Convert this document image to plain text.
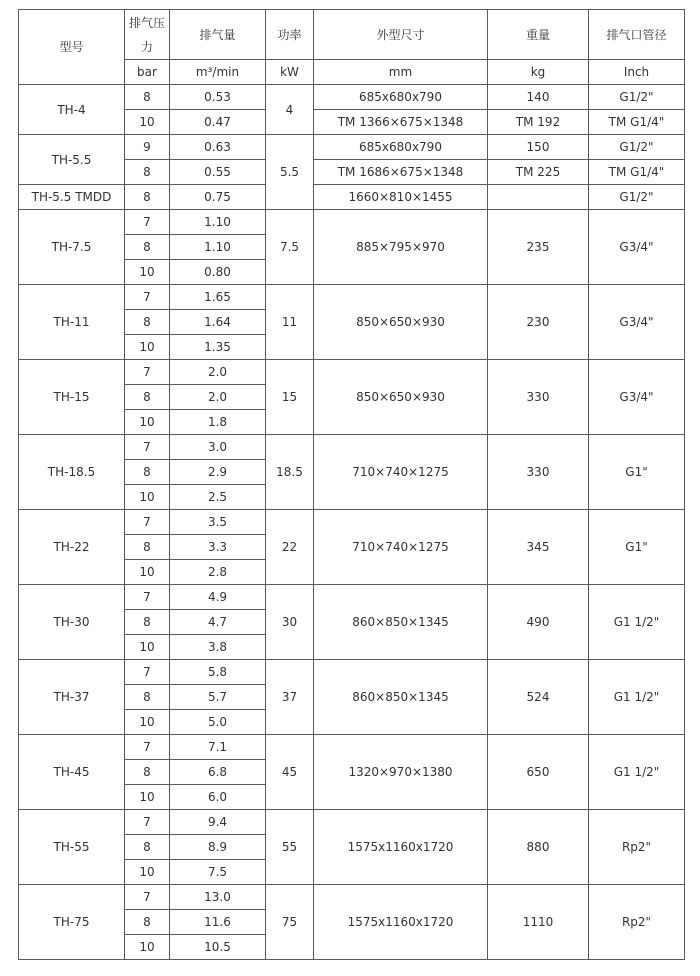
型号	排气压力	排气量	功率	外型尺寸	重量	排气口管径
	bar	m³/min	kW	mm	kg	Inch
TH-4	8	0.53	4	685x680x790	140	G1/2"
	10	0.47		TM 1366×675×1348	TM 192	TM G1/4"
TH-5.5	9	0.63	5.5	685x680x790	150	G1/2"
	8	0.55		TM 1686×675×1348	TM 225	TM G1/4"
TH-5.5 TMDD	8	0.75		1660×810×1455		G1/2"
TH-7.5	7	1.10	7.5	885×795×970	235	G3/4"
	8	1.10				
	10	0.80				
TH-11	7	1.65	11	850×650×930	230	G3/4"
	8	1.64				
	10	1.35				
TH-15	7	2.0	15	850×650×930	330	G3/4"
	8	2.0				
	10	1.8				
TH-18.5	7	3.0	18.5	710×740×1275	330	G1"
	8	2.9				
	10	2.5				
TH-22	7	3.5	22	710×740×1275	345	G1"
	8	3.3				
	10	2.8				
TH-30	7	4.9	30	860×850×1345	490	G1 1/2"
	8	4.7				
	10	3.8				
TH-37	7	5.8	37	860×850×1345	524	G1 1/2"
	8	5.7				
	10	5.0				
TH-45	7	7.1	45	1320×970×1380	650	G1 1/2"
	8	6.8				
	10	6.0				
TH-55	7	9.4	55	1575x1160x1720	880	Rp2"
	8	8.9				
	10	7.5				
TH-75	7	13.0	75	1575x1160x1720	1110	Rp2"
	8	11.6				
	10	10.5				
